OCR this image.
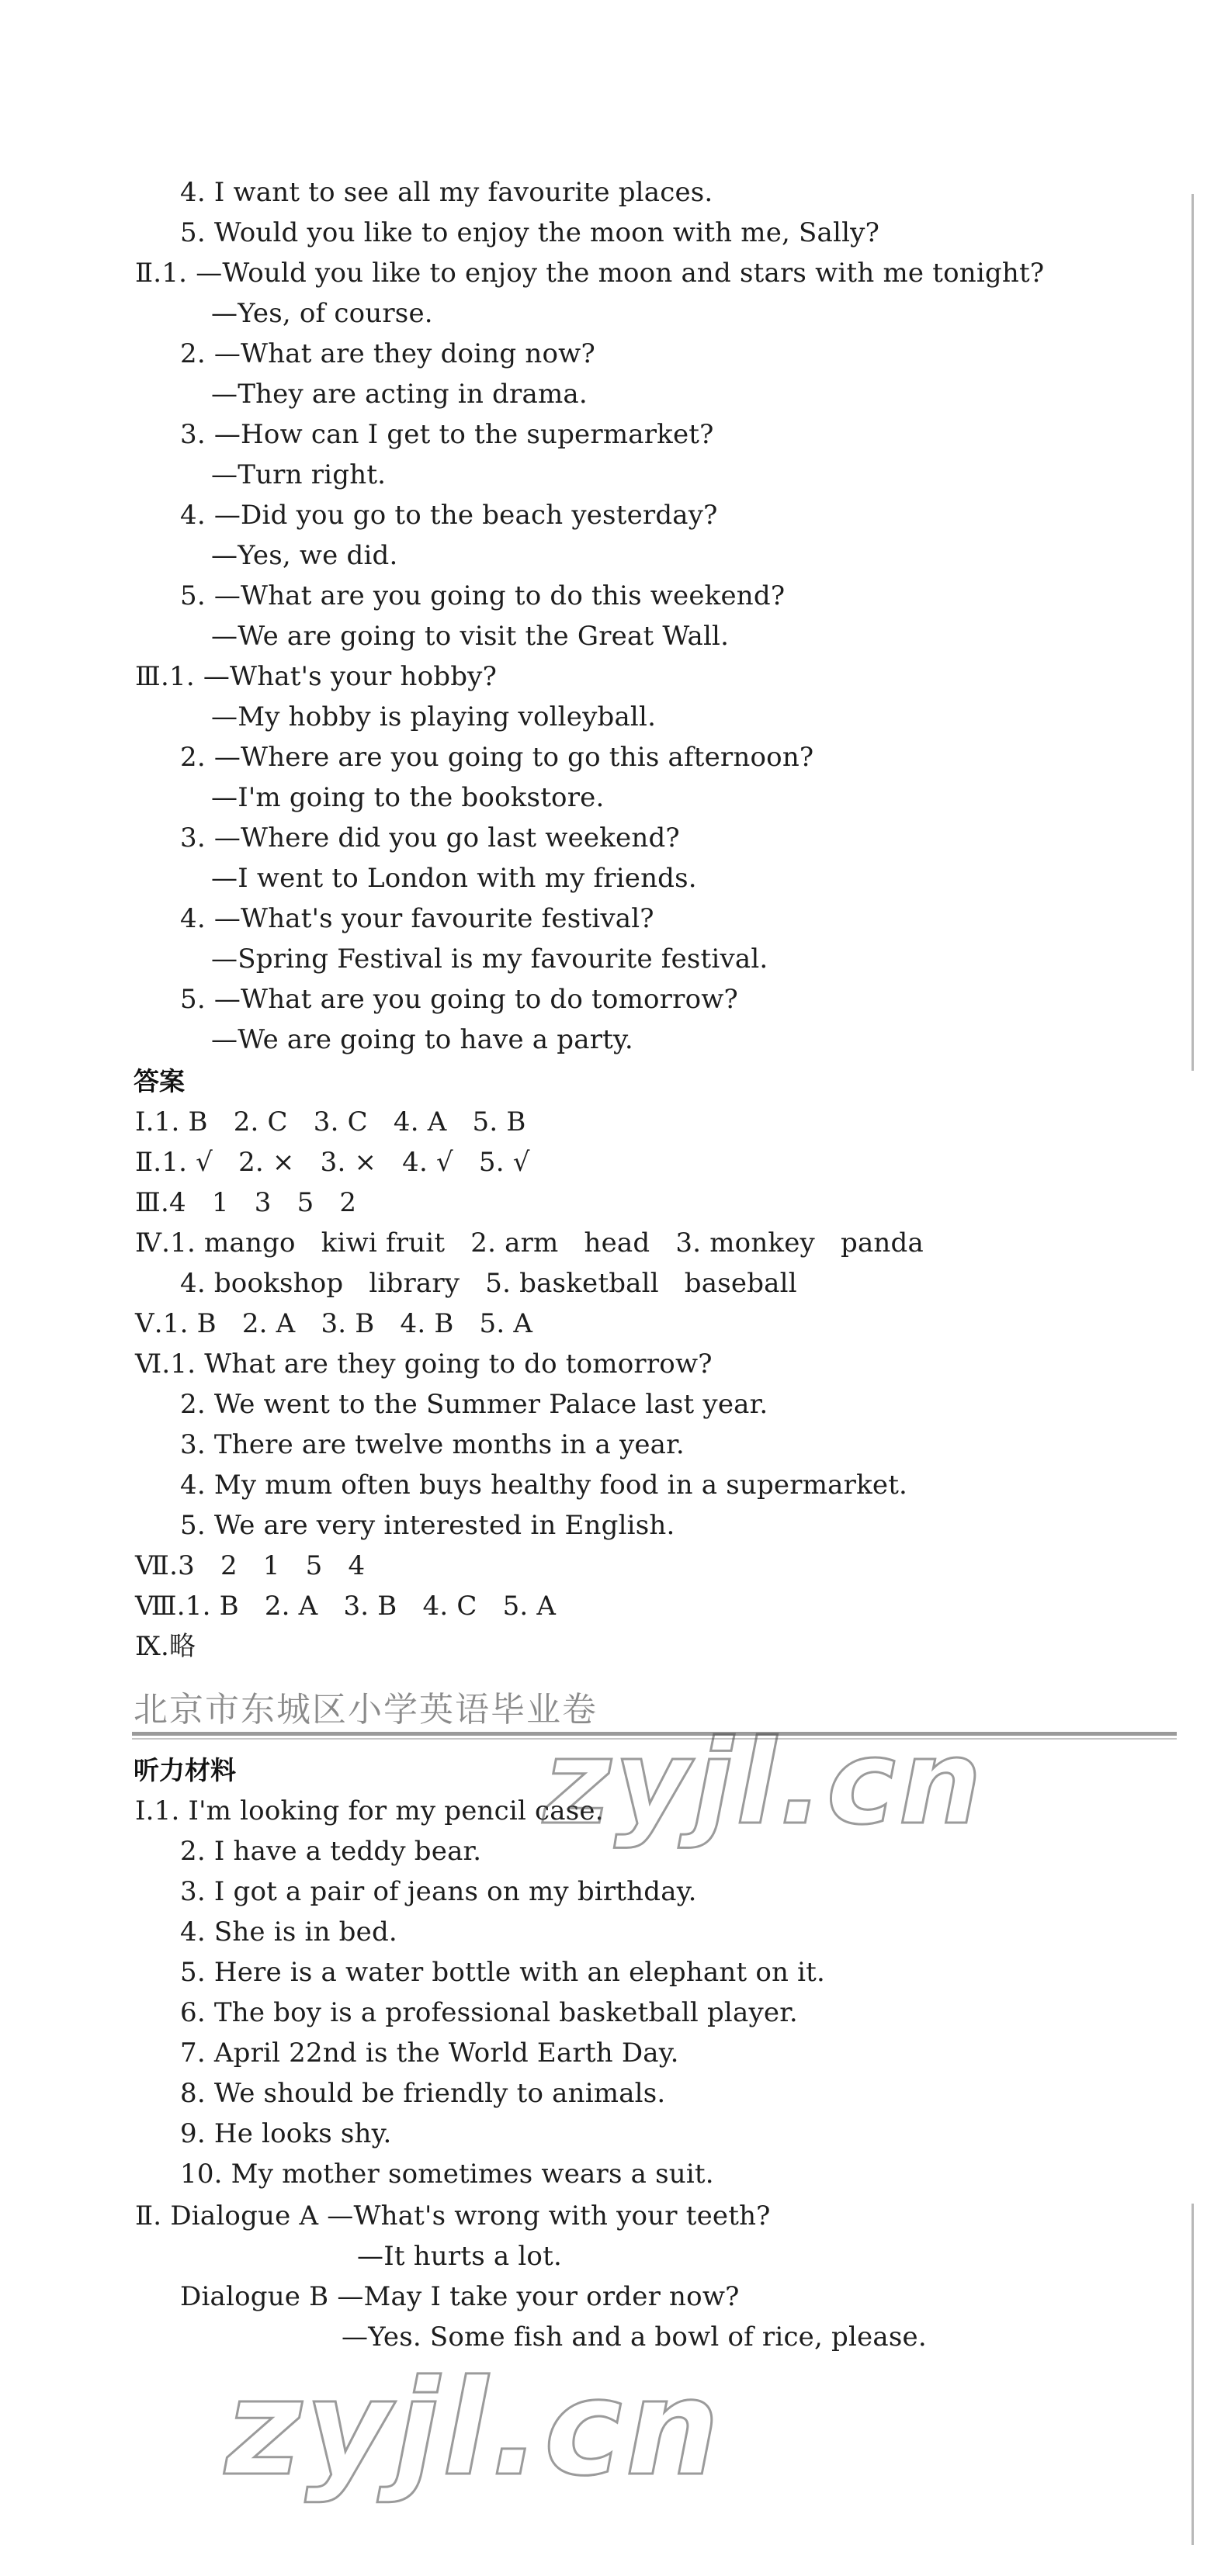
4. I want to see all my favourite places.
5. Would you like to enjoy the moon with me, Sally?
Ⅱ.1. —Would you like to enjoy the moon and stars with me tonight?
—Yes, of course.
2. —What are they doing now?
—They are acting in drama.
3. —How can I get to the supermarket?
—Turn right.
4. —Did you go to the beach yesterday?
—Yes, we did.
5. —What are you going to do this weekend?
—We are going to visit the Great Wall.
Ⅲ.1. —What's your hobby?
—My hobby is playing volleyball.
2. —Where are you going to go this afternoon?
—I'm going to the bookstore.
3. —Where did you go last weekend?
—I went to London with my friends.
4. —What's your favourite festival?
—Spring Festival is my favourite festival.
5. —What are you going to do tomorrow?
—We are going to have a party.
答案
Ⅰ.1. B   2. C   3. C   4. A   5. B
Ⅱ.1. √   2. ×   3. ×   4. √   5. √
Ⅲ.4   1   3   5   2
Ⅳ.1. mango   kiwi fruit   2. arm   head   3. monkey   panda
4. bookshop   library   5. basketball   baseball
Ⅴ.1. B   2. A   3. B   4. B   5. A
Ⅵ.1. What are they going to do tomorrow?
2. We went to the Summer Palace last year.
3. There are twelve months in a year.
4. My mum often buys healthy food in a supermarket.
5. We are very interested in English.
Ⅶ.3   2   1   5   4
Ⅷ.1. B   2. A   3. B   4. C   5. A
Ⅸ.略
北京市东城区小学英语毕业卷
听力材料
Ⅰ.1. I'm looking for my pencil case.
2. I have a teddy bear.
3. I got a pair of jeans on my birthday.
4. She is in bed.
5. Here is a water bottle with an elephant on it.
6. The boy is a professional basketball player.
7. April 22nd is the World Earth Day.
8. We should be friendly to animals.
9. He looks shy.
10. My mother sometimes wears a suit.
Ⅱ. Dialogue A —What's wrong with your teeth?
—It hurts a lot.
Dialogue B —May I take your order now?
—Yes. Some fish and a bowl of rice, please.
zyjl.cn
zyjl.cn
